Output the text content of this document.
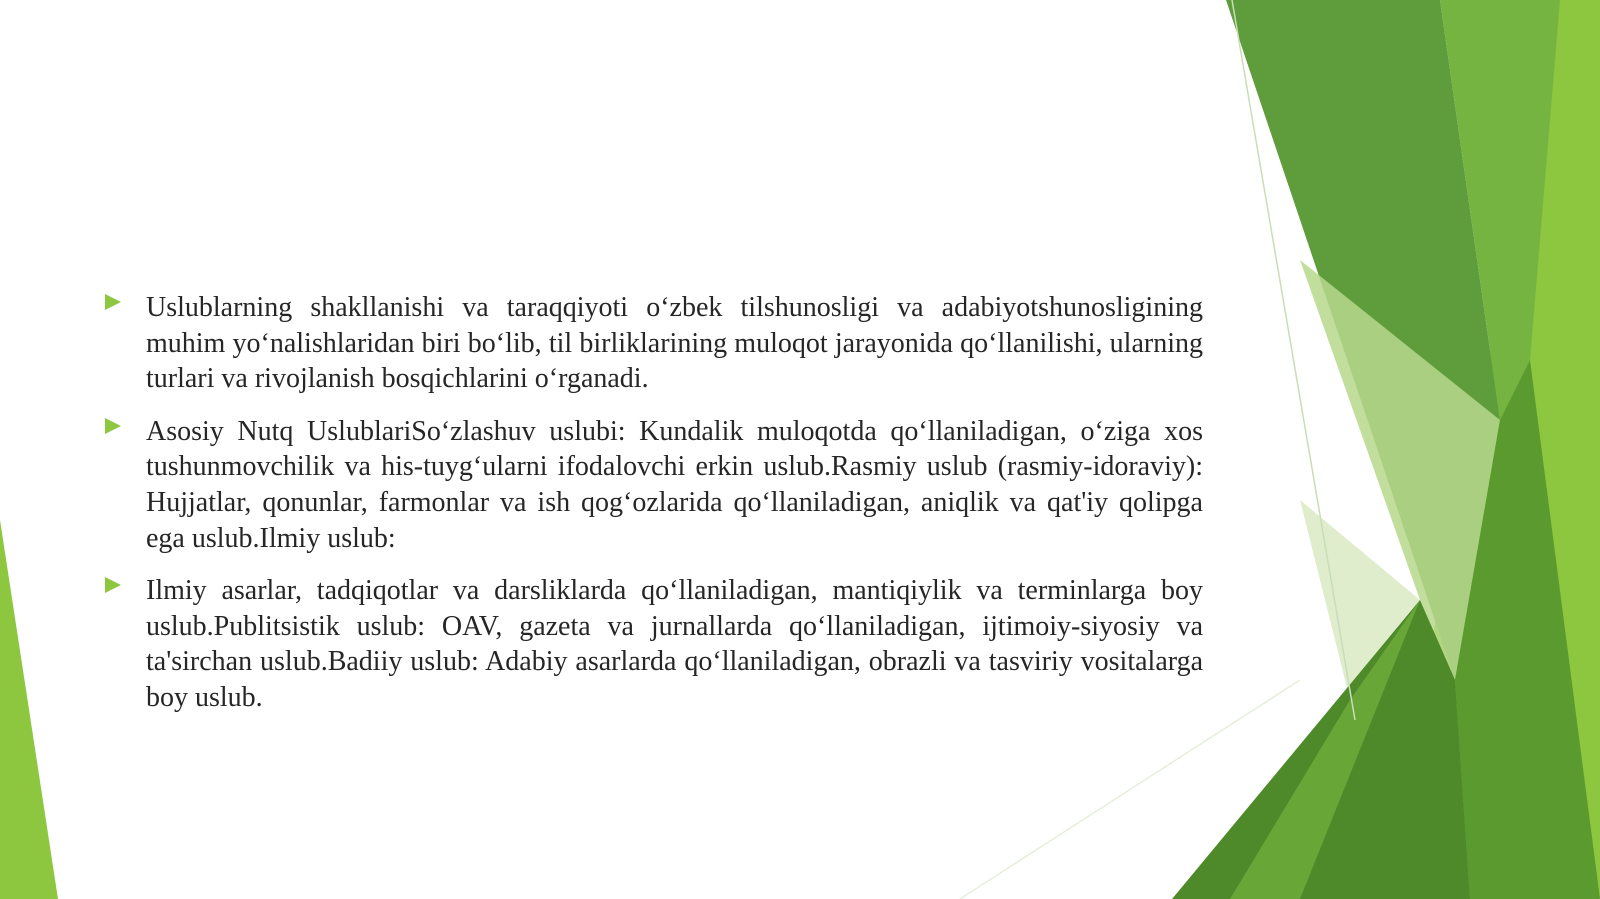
Uslublarning shakllanishi va taraqqiyoti o‘zbek tilshunosligi va adabiyotshunosligining muhim yo‘nalishlaridan biri bo‘lib, til birliklarining muloqot jarayonida qo‘llanilishi, ularning turlari va rivojlanish bosqichlarini o‘rganadi.
Asosiy Nutq UslublariSo‘zlashuv uslubi: Kundalik muloqotda qo‘llaniladigan, o‘ziga xos tushunmovchilik va his-tuyg‘ularni ifodalovchi erkin uslub.Rasmiy uslub (rasmiy-idoraviy): Hujjatlar, qonunlar, farmonlar va ish qog‘ozlarida qo‘llaniladigan, aniqlik va qat'iy qolipga ega uslub.Ilmiy uslub:
Ilmiy asarlar, tadqiqotlar va darsliklarda qo‘llaniladigan, mantiqiylik va terminlarga boy uslub.Publitsistik uslub: OAV, gazeta va jurnallarda qo‘llaniladigan, ijtimoiy-siyosiy va ta'sirchan uslub.Badiiy uslub: Adabiy asarlarda qo‘llaniladigan, obrazli va tasviriy vositalarga boy uslub.
